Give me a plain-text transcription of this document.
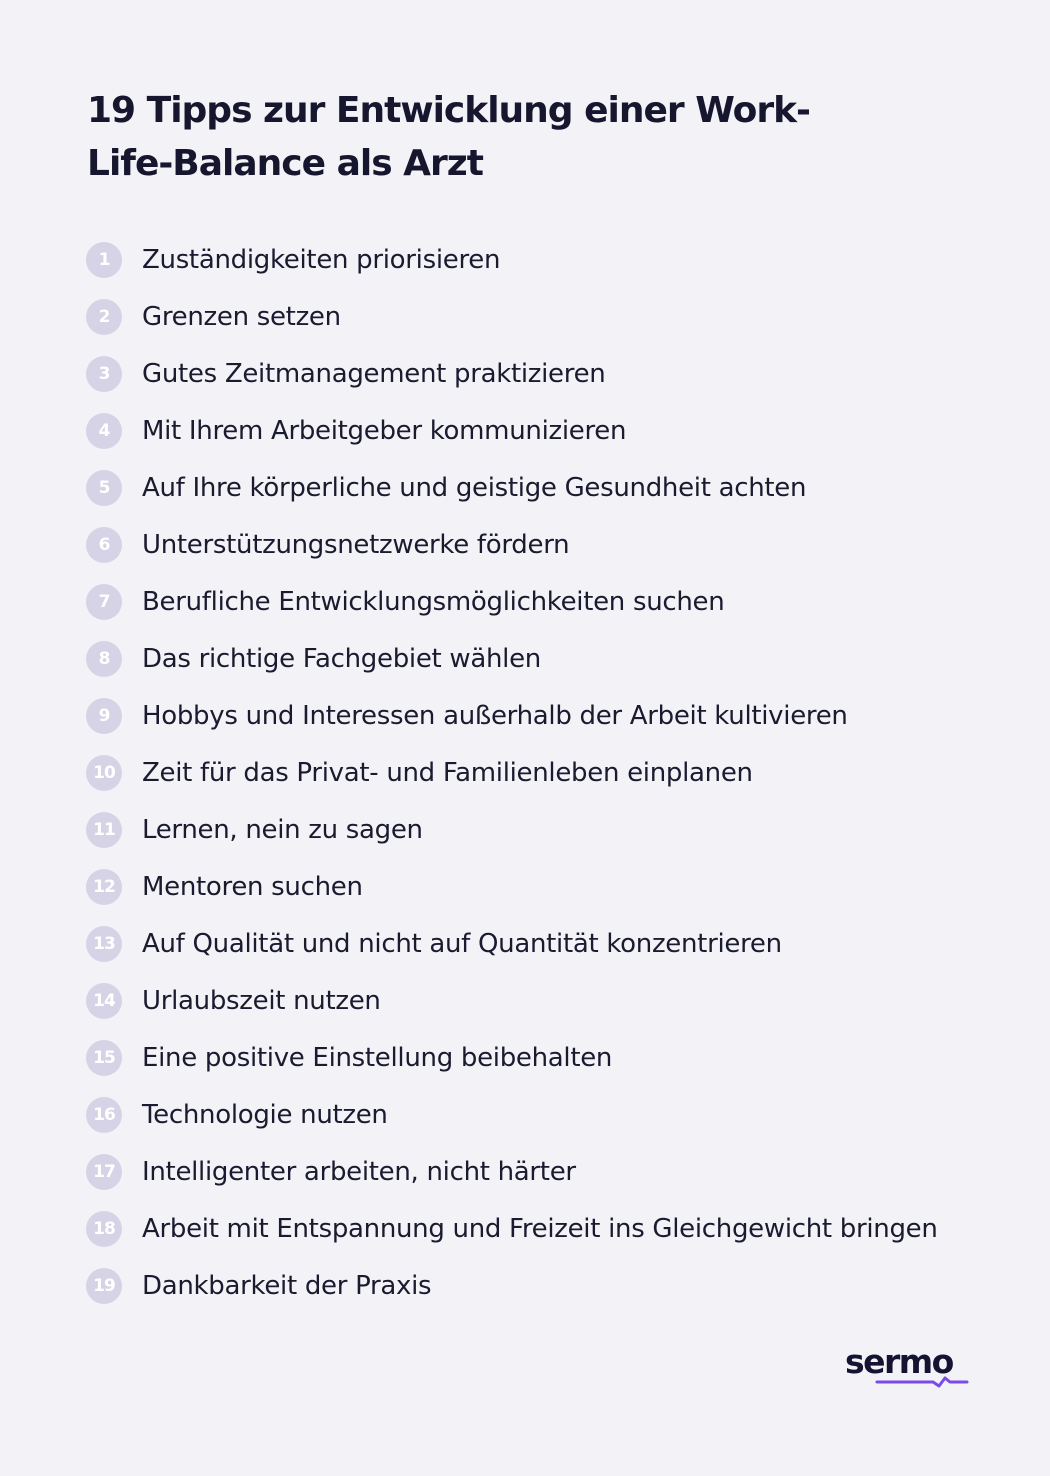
19 Tipps zur Entwicklung einer Work-Life-Balance als Arzt
1	Zuständigkeiten priorisieren
2	Grenzen setzen
3	Gutes Zeitmanagement praktizieren
4	Mit Ihrem Arbeitgeber kommunizieren
5	Auf Ihre körperliche und geistige Gesundheit achten
6	Unterstützungsnetzwerke fördern
7	Berufliche Entwicklungsmöglichkeiten suchen
8	Das richtige Fachgebiet wählen
9	Hobbys und Interessen außerhalb der Arbeit kultivieren
10 Zeit für das Privat- und Familienleben einplanen
11 Lernen, nein zu sagen
12 Mentoren suchen
13 Auf Qualität und nicht auf Quantität konzentrieren
14 Urlaubszeit nutzen
15 Eine positive Einstellung beibehalten
16 Technologie nutzen
17 Intelligenter arbeiten, nicht härter
18 Arbeit mit Entspannung und Freizeit ins Gleichgewicht bringen
19 Dankbarkeit der Praxis
sermo
